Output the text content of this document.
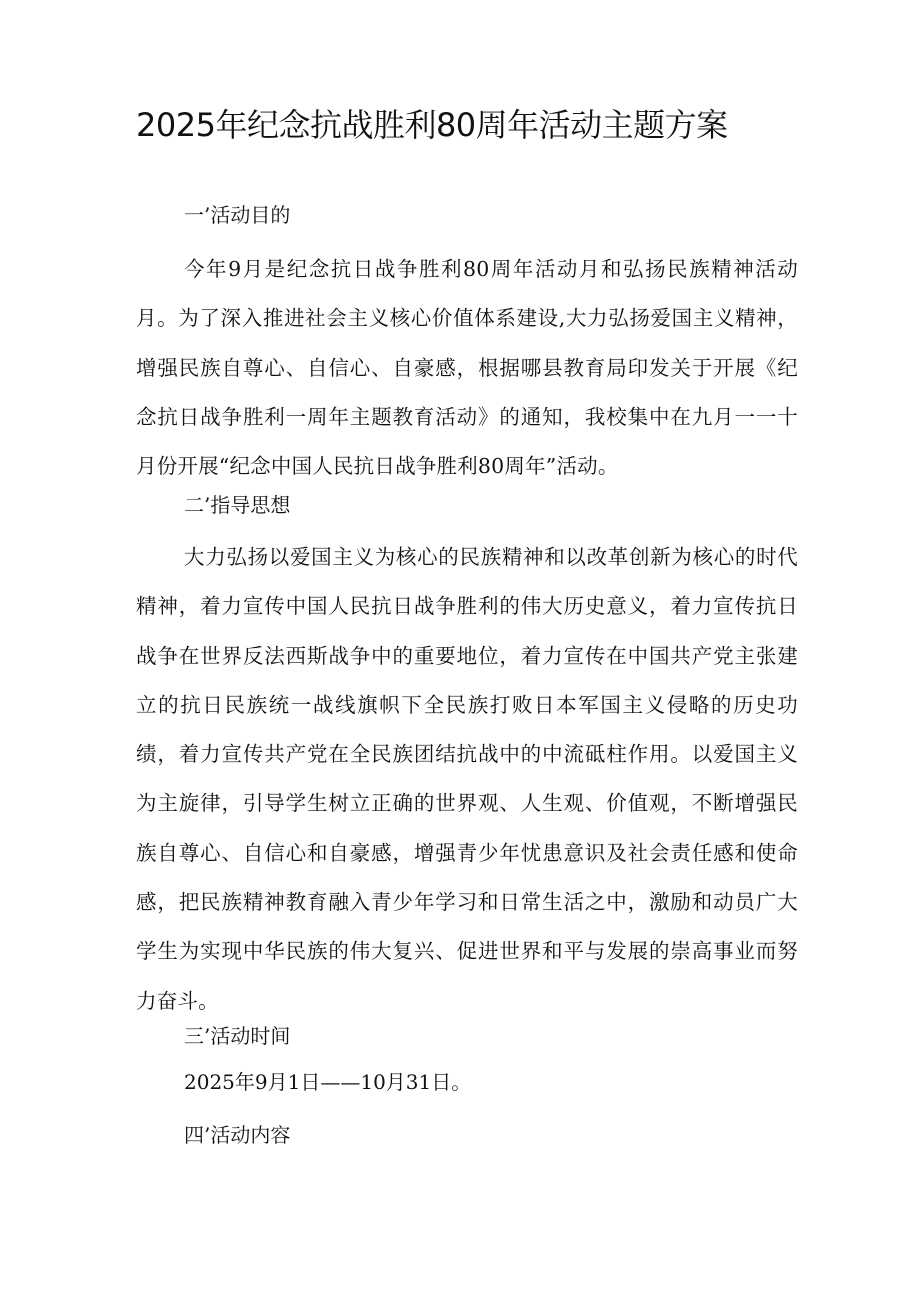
2025年纪念抗战胜利80周年活动主题方案

一’活动目的

今年9月是纪念抗日战争胜利80周年活动月和弘扬民族精神活动月。为了深入推进社会主义核心价值体系建设,大力弘扬爱国主义精神，增强民族自尊心、自信心、自豪感，根据哪县教育局印发关于开展《纪念抗日战争胜利一周年主题教育活动》的通知，我校集中在九月一一十月份开展“纪念中国人民抗日战争胜利80周年”活动。

二’指导思想

大力弘扬以爱国主义为核心的民族精神和以改革创新为核心的时代精神，着力宣传中国人民抗日战争胜利的伟大历史意义，着力宣传抗日战争在世界反法西斯战争中的重要地位，着力宣传在中国共产党主张建立的抗日民族统一战线旗帜下全民族打败日本军国主义侵略的历史功绩，着力宣传共产党在全民族团结抗战中的中流砥柱作用。以爱国主义为主旋律，引导学生树立正确的世界观、人生观、价值观，不断增强民族自尊心、自信心和自豪感，增强青少年忧患意识及社会责任感和使命感，把民族精神教育融入青少年学习和日常生活之中，激励和动员广大学生为实现中华民族的伟大复兴、促进世界和平与发展的崇高事业而努力奋斗。

三’活动时间

2025年9月1日——10月31日。

四’活动内容
